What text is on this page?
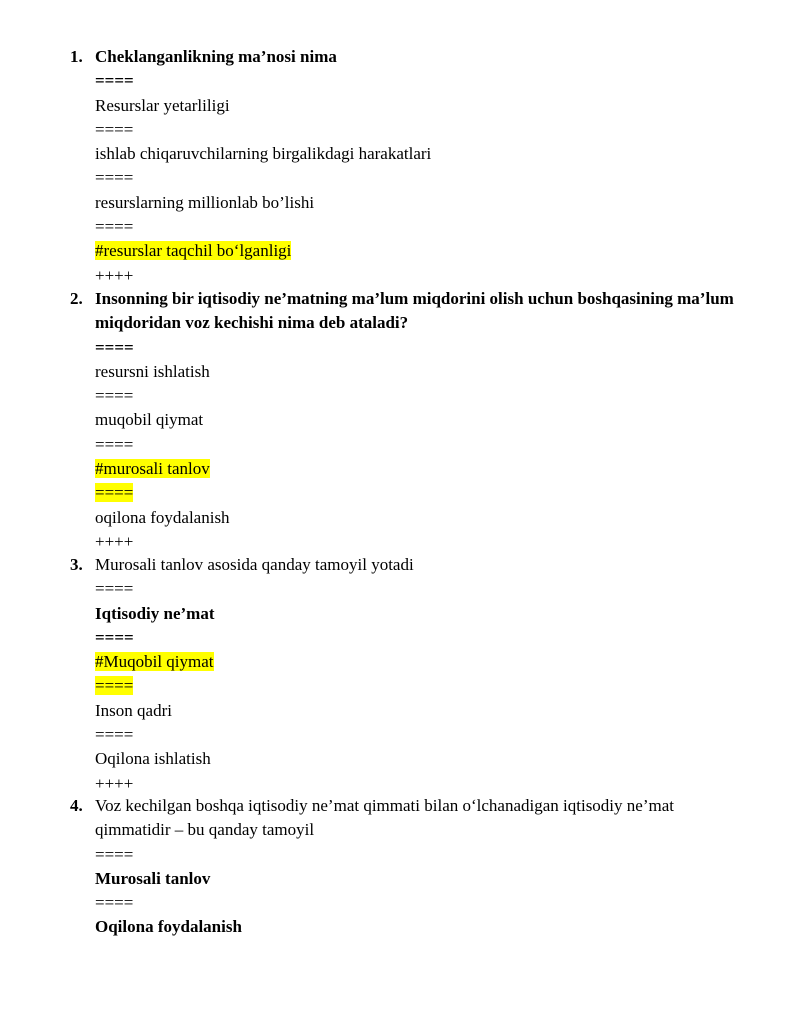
1. Cheklanganlikning ma’nosi nima
====
Resurslar yetarliligi
====
ishlab chiqaruvchilarning birgalikdagi harakatlari
====
resurslarning millionlab bo’lishi
====
#resurslar taqchil bo‘lganligi
++++
2. Insonning bir iqtisodiy ne’matning ma’lum miqdorini olish uchun boshqasining ma’lum miqdoridan voz kechishi nima deb ataladi?
====
resursni ishlatish
====
muqobil qiymat
====
#murosali tanlov
====
oqilona foydalanish
++++
3. Murosali tanlov asosida qanday tamoyil yotadi
====
Iqtisodiy ne’mat
====
#Muqobil qiymat
====
Inson qadri
====
Oqilona ishlatish
++++
4. Voz kechilgan boshqa iqtisodiy ne’mat qimmati bilan o‘lchanadigan iqtisodiy ne’mat qimmatidir – bu qanday tamoyil
====
Murosali tanlov
====
Oqilona foydalanish
